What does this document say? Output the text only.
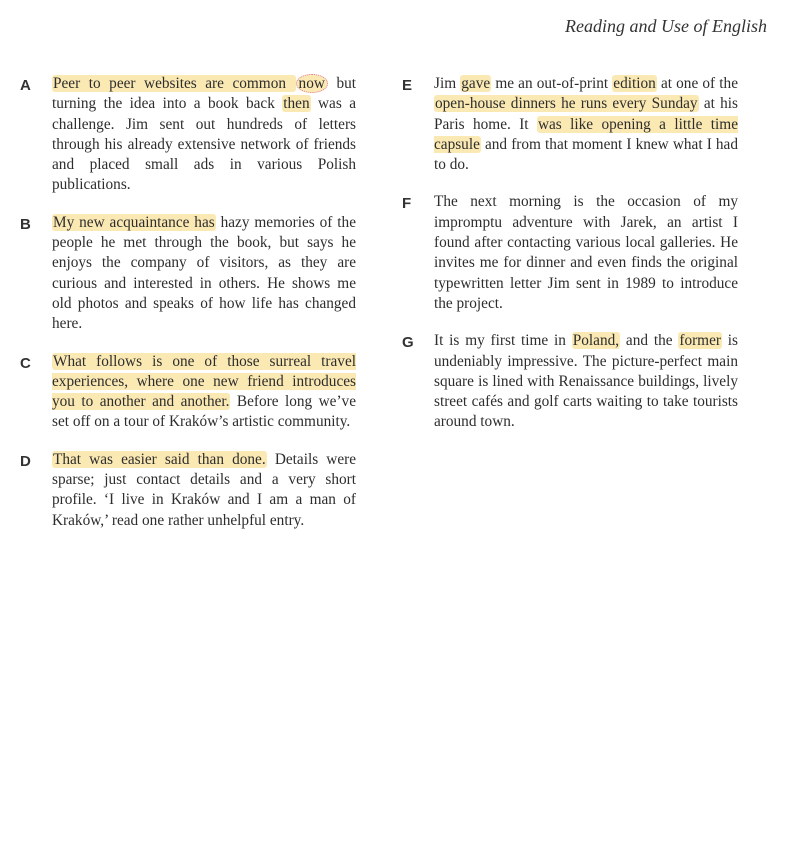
Reading and Use of English
A	Peer to peer websites are common now but turning the idea into a book back then was a challenge. Jim sent out hundreds of letters through his already extensive network of friends and placed small ads in various Polish publications.
B	My new acquaintance has hazy memories of the people he met through the book, but says he enjoys the company of visitors, as they are curious and interested in others. He shows me old photos and speaks of how life has changed here.
C	What follows is one of those surreal travel experiences, where one new friend introduces you to another and another. Before long we’ve set off on a tour of Kraków’s artistic community.
D	That was easier said than done. Details were sparse; just contact details and a very short profile. ‘I live in Kraków and I am a man of Kraków,’ read one rather unhelpful entry.
E	Jim gave me an out-of-print edition at one of the open-house dinners he runs every Sunday at his Paris home. It was like opening a little time capsule and from that moment I knew what I had to do.
F	The next morning is the occasion of my impromptu adventure with Jarek, an artist I found after contacting various local galleries. He invites me for dinner and even finds the original typewritten letter Jim sent in 1989 to introduce the project.
G	It is my first time in Poland, and the former is undeniably impressive. The picture-perfect main square is lined with Renaissance buildings, lively street cafés and golf carts waiting to take tourists around town.
